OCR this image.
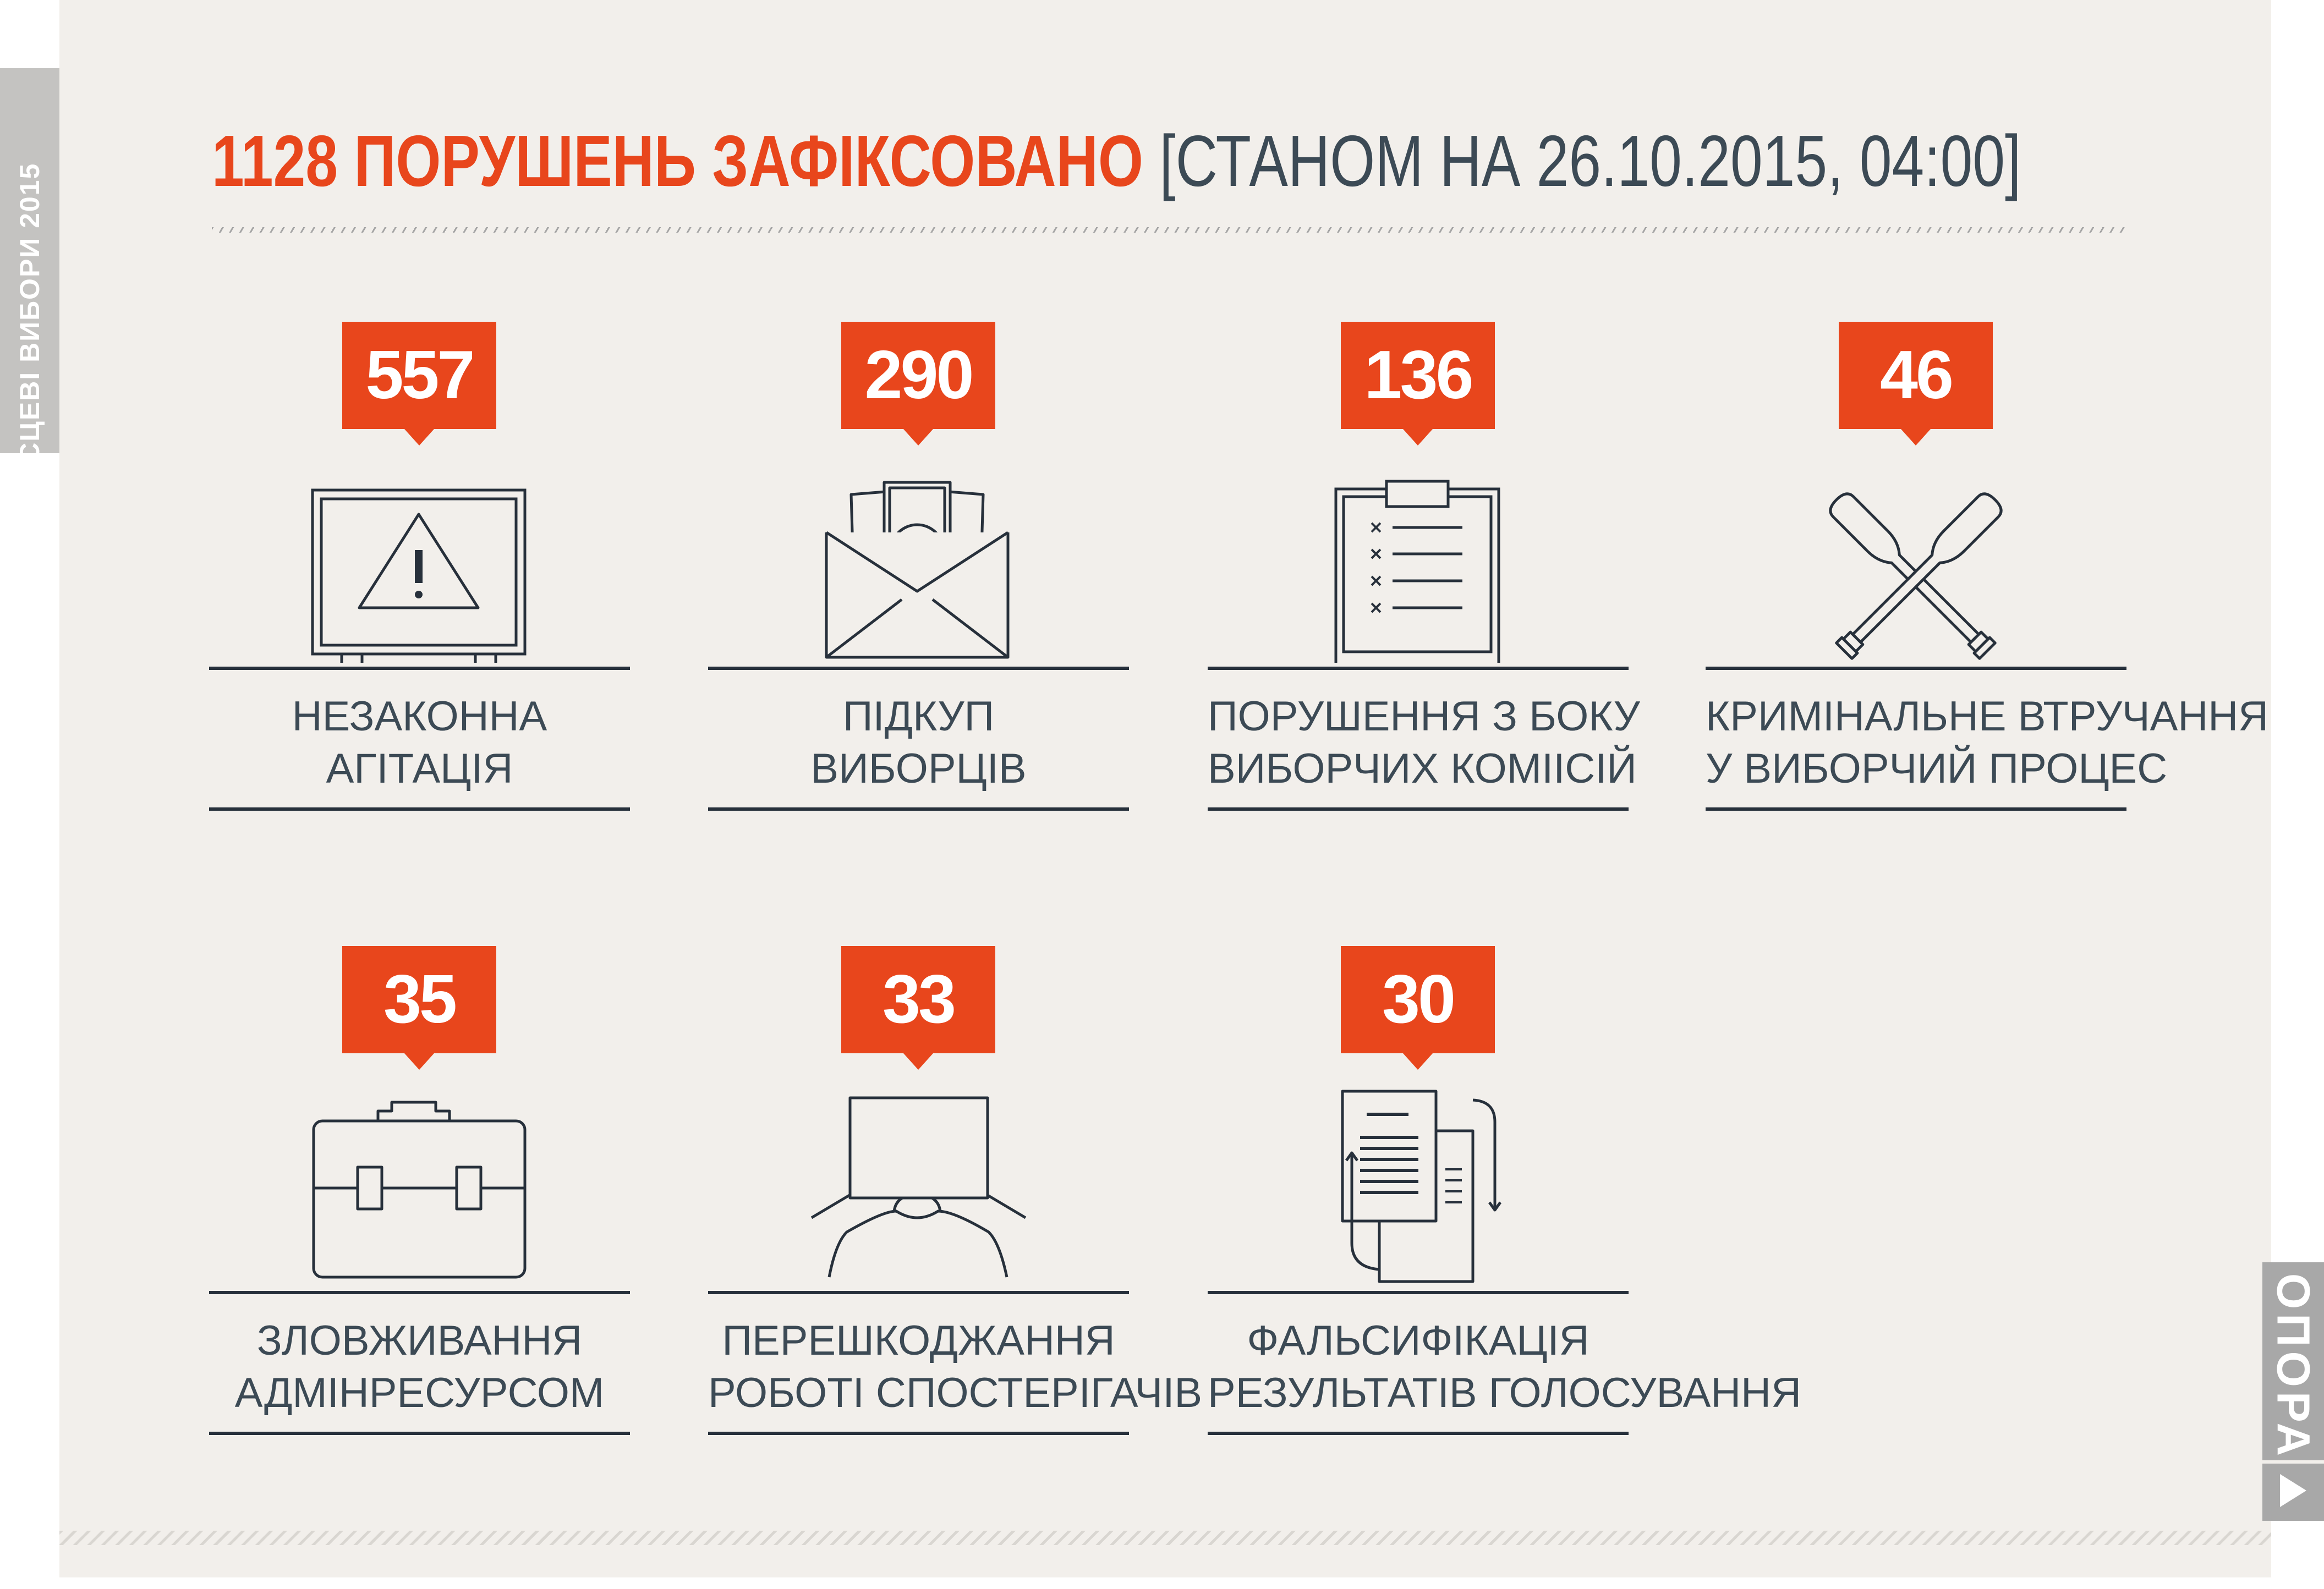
МІСЦЕВІ ВИБОРИ 2015
ОПОРА
1128 ПОРУШЕНЬ ЗАФІКСОВАНО [СТАНОМ НА 26.10.2015, 04:00]
557
НЕЗАКОННА
АГІТАЦІЯ
290
ПІДКУП
ВИБОРЦІВ
136
ПОРУШЕННЯ З БОКУ
ВИБОРЧИХ КОМІІСІЙ
46
КРИМІНАЛЬНЕ ВТРУЧАННЯ
У ВИБОРЧИЙ ПРОЦЕС
35
ЗЛОВЖИВАННЯ
АДМІНРЕСУРСОМ
33
ПЕРЕШКОДЖАННЯ
РОБОТІ СПОСТЕРІГАЧІВ
30
ФАЛЬСИФІКАЦІЯ
РЕЗУЛЬТАТІВ ГОЛОСУВАННЯ
